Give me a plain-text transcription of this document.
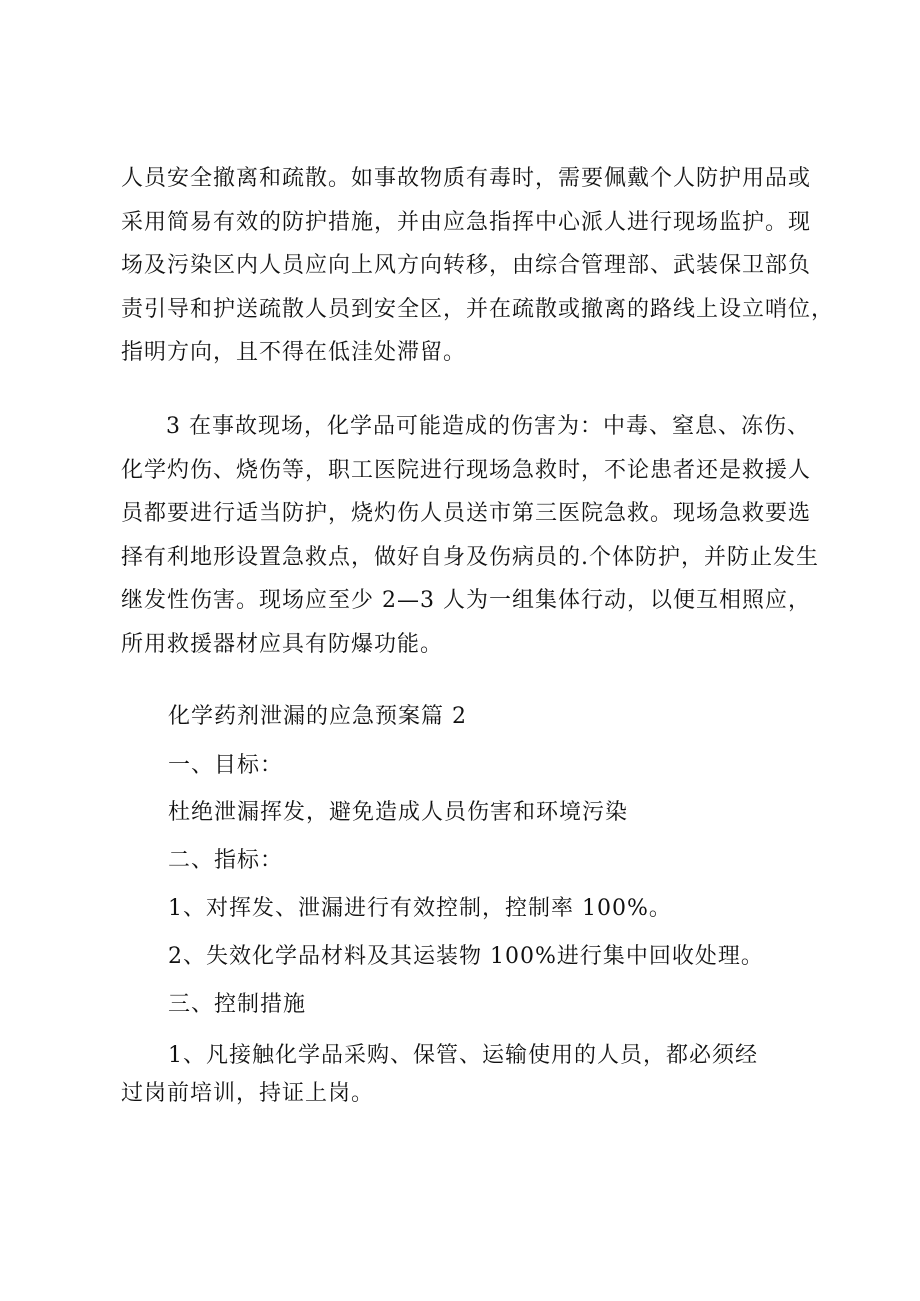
人员安全撤离和疏散。如事故物质有毒时，需要佩戴个人防护用品或
采用简易有效的防护措施，并由应急指挥中心派人进行现场监护。现
场及污染区内人员应向上风方向转移，由综合管理部、武装保卫部负
责引导和护送疏散人员到安全区，并在疏散或撤离的路线上设立哨位，
指明方向，且不得在低洼处滞留。
3 在事故现场，化学品可能造成的伤害为：中毒、窒息、冻伤、
化学灼伤、烧伤等，职工医院进行现场急救时，不论患者还是救援人
员都要进行适当防护，烧灼伤人员送市第三医院急救。现场急救要选
择有利地形设置急救点，做好自身及伤病员的.个体防护，并防止发生
继发性伤害。现场应至少 2—3 人为一组集体行动，以便互相照应，
所用救援器材应具有防爆功能。
化学药剂泄漏的应急预案篇 2
一、目标：
杜绝泄漏挥发，避免造成人员伤害和环境污染
二、指标：
1、对挥发、泄漏进行有效控制，控制率 100%。
2、失效化学品材料及其运装物 100%进行集中回收处理。
三、控制措施
1、凡接触化学品采购、保管、运输使用的人员，都必须经
过岗前培训，持证上岗。
